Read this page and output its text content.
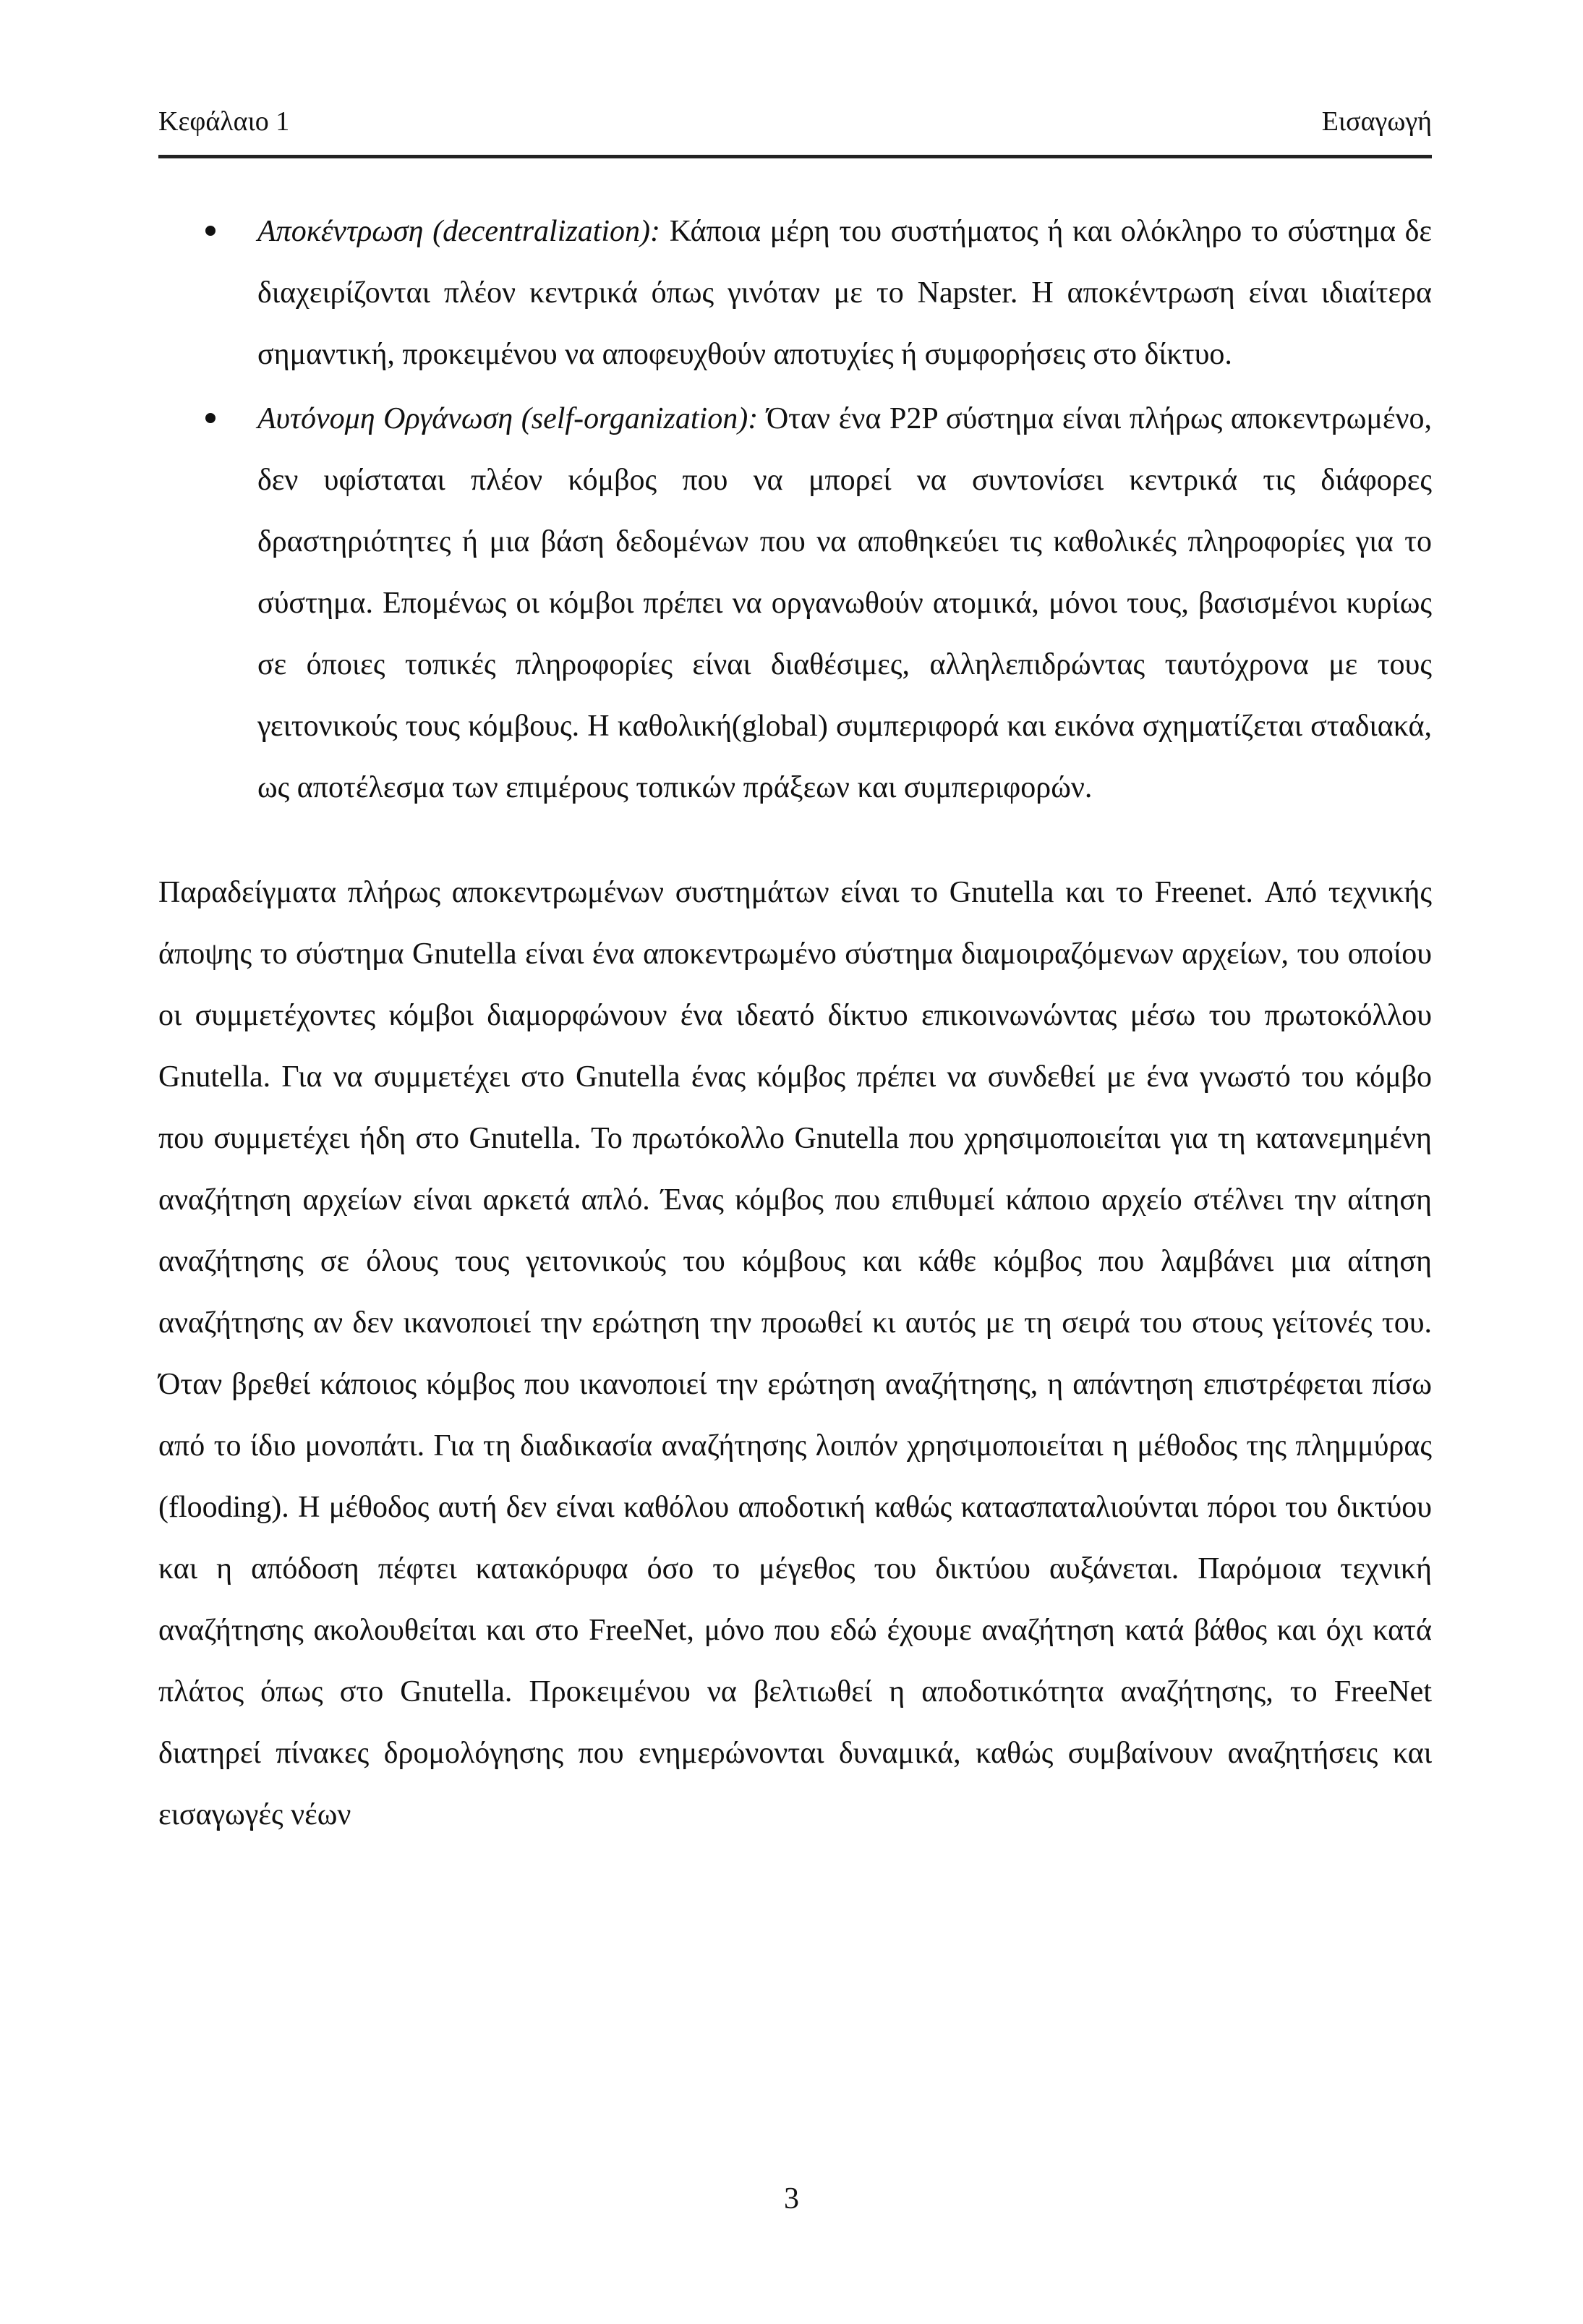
Κεφάλαιο 1	Εισαγωγή
Αποκέντρωση (decentralization): Κάποια μέρη του συστήματος ή και ολόκληρο το σύστημα δε διαχειρίζονται πλέον κεντρικά όπως γινόταν με το Napster. Η αποκέντρωση είναι ιδιαίτερα σημαντική, προκειμένου να αποφευχθούν αποτυχίες ή συμφορήσεις στο δίκτυο.
Αυτόνομη Οργάνωση (self-organization): Όταν ένα P2P σύστημα είναι πλήρως αποκεντρωμένο, δεν υφίσταται πλέον κόμβος που να μπορεί να συντονίσει κεντρικά τις διάφορες δραστηριότητες ή μια βάση δεδομένων που να αποθηκεύει τις καθολικές πληροφορίες για το σύστημα. Επομένως οι κόμβοι πρέπει να οργανωθούν ατομικά, μόνοι τους, βασισμένοι κυρίως σε όποιες τοπικές πληροφορίες είναι διαθέσιμες, αλληλεπιδρώντας ταυτόχρονα με τους γειτονικούς τους κόμβους. Η καθολική(global) συμπεριφορά και εικόνα σχηματίζεται σταδιακά, ως αποτέλεσμα των επιμέρους τοπικών πράξεων και συμπεριφορών.

Παραδείγματα πλήρως αποκεντρωμένων συστημάτων είναι το Gnutella και το Freenet. Από τεχνικής άποψης το σύστημα Gnutella είναι ένα αποκεντρωμένο σύστημα διαμοιραζόμενων αρχείων, του οποίου οι συμμετέχοντες κόμβοι διαμορφώνουν ένα ιδεατό δίκτυο επικοινωνώντας μέσω του πρωτοκόλλου Gnutella. Για να συμμετέχει στο Gnutella ένας κόμβος πρέπει να συνδεθεί με ένα γνωστό του κόμβο που συμμετέχει ήδη στο Gnutella. Το πρωτόκολλο Gnutella που χρησιμοποιείται για τη κατανεμημένη αναζήτηση αρχείων είναι αρκετά απλό. Ένας κόμβος που επιθυμεί κάποιο αρχείο στέλνει την αίτηση αναζήτησης σε όλους τους γειτονικούς του κόμβους και κάθε κόμβος που λαμβάνει μια αίτηση αναζήτησης αν δεν ικανοποιεί την ερώτηση την προωθεί κι αυτός με τη σειρά του στους γείτονές του. Όταν βρεθεί κάποιος κόμβος που ικανοποιεί την ερώτηση αναζήτησης, η απάντηση επιστρέφεται πίσω από το ίδιο μονοπάτι. Για τη διαδικασία αναζήτησης λοιπόν χρησιμοποιείται η μέθοδος της πλημμύρας (flooding). Η μέθοδος αυτή δεν είναι καθόλου αποδοτική καθώς κατασπαταλιούνται πόροι του δικτύου και η απόδοση πέφτει κατακόρυφα όσο το μέγεθος του δικτύου αυξάνεται. Παρόμοια τεχνική αναζήτησης ακολουθείται και στο FreeNet, μόνο που εδώ έχουμε αναζήτηση κατά βάθος και όχι κατά πλάτος όπως στο Gnutella. Προκειμένου να βελτιωθεί η αποδοτικότητα αναζήτησης, το FreeNet διατηρεί πίνακες δρομολόγησης που ενημερώνονται δυναμικά, καθώς συμβαίνουν αναζητήσεις και εισαγωγές νέων

3
